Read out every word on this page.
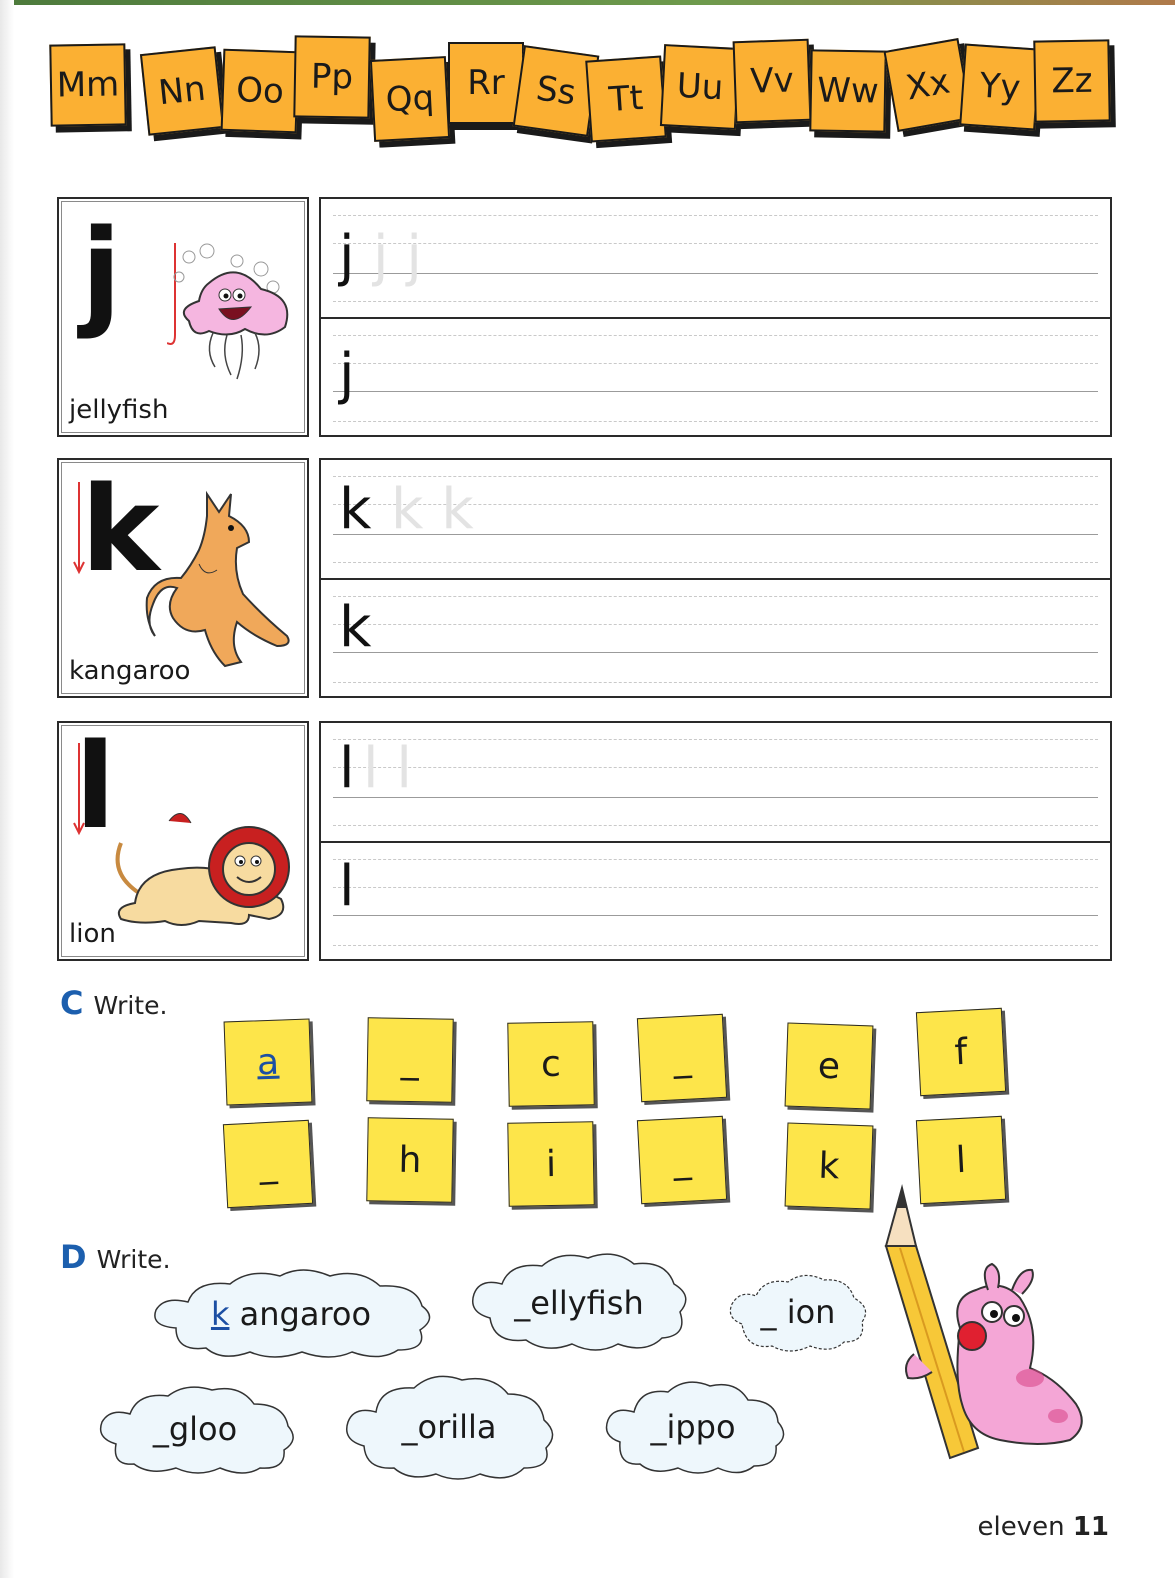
Mm Nn Oo Pp
Qq Rr Ss Tt Uu Vv Ww Xx Yy Zz
j
jellyfish
j j j
j
k
kangaroo
k k k
k
l
lion
l l l
l
C Write.
a	_	c	_	e	f
_	h	i	_	k	l
D Write.
k
angaroo	_ ellyfish	_
ion
_ gloo	_ orilla	_ ippo
eleven 11
